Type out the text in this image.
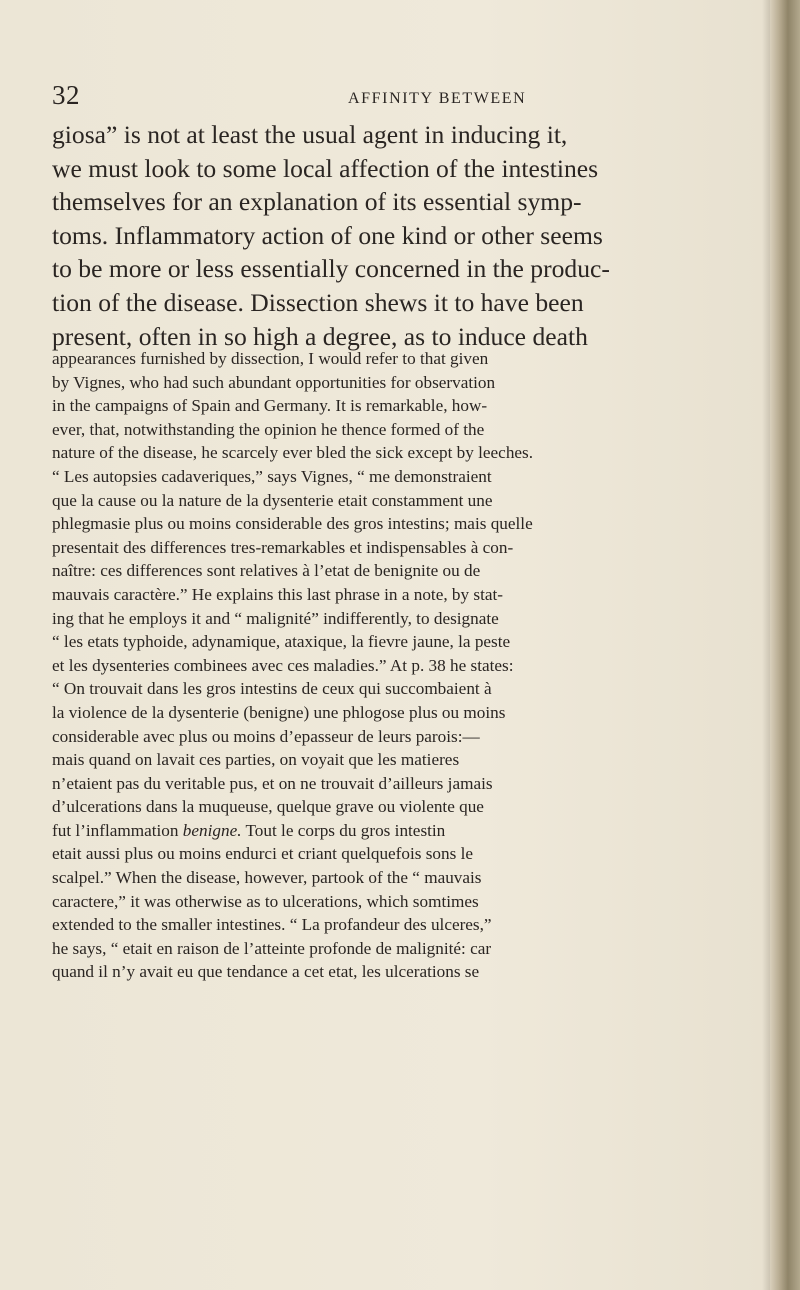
32	AFFINITY BETWEEN
giosa” is not at least the usual agent in inducing it,
we must look to some local affection of the intestines
themselves for an explanation of its essential symp-
toms. Inflammatory action of one kind or other seems
to be more or less essentially concerned in the produc-
tion of the disease. Dissection shews it to have been
present, often in so high a degree, as to induce death
appearances furnished by dissection, I would refer to that given
by Vignes, who had such abundant opportunities for observation
in the campaigns of Spain and Germany. It is remarkable, how-
ever, that, notwithstanding the opinion he thence formed of the
nature of the disease, he scarcely ever bled the sick except by leeches.
“ Les autopsies cadaveriques,” says Vignes, “ me demonstraient
que la cause ou la nature de la dysenterie etait constamment une
phlegmasie plus ou moins considerable des gros intestins; mais quelle
presentait des differences tres-remarkables et indispensables à con-
naître: ces differences sont relatives à l’etat de benignite ou de
mauvais caractère.” He explains this last phrase in a note, by stat-
ing that he employs it and “ malignité” indifferently, to designate
“ les etats typhoide, adynamique, ataxique, la fievre jaune, la peste
et les dysenteries combinees avec ces maladies.” At p. 38 he states:
“ On trouvait dans les gros intestins de ceux qui succombaient à
la violence de la dysenterie (benigne) une phlogose plus ou moins
considerable avec plus ou moins d’epasseur de leurs parois:—
mais quand on lavait ces parties, on voyait que les matieres
n’etaient pas du veritable pus, et on ne trouvait d’ailleurs jamais
d’ulcerations dans la muqueuse, quelque grave ou violente que
fut l’inflammation benigne. Tout le corps du gros intestin
etait aussi plus ou moins endurci et criant quelquefois sons le
scalpel.” When the disease, however, partook of the “ mauvais
caractere,” it was otherwise as to ulcerations, which somtimes
extended to the smaller intestines. “ La profandeur des ulceres,”
he says, “ etait en raison de l’atteinte profonde de malignité: car
quand il n’y avait eu que tendance a cet etat, les ulcerations se
